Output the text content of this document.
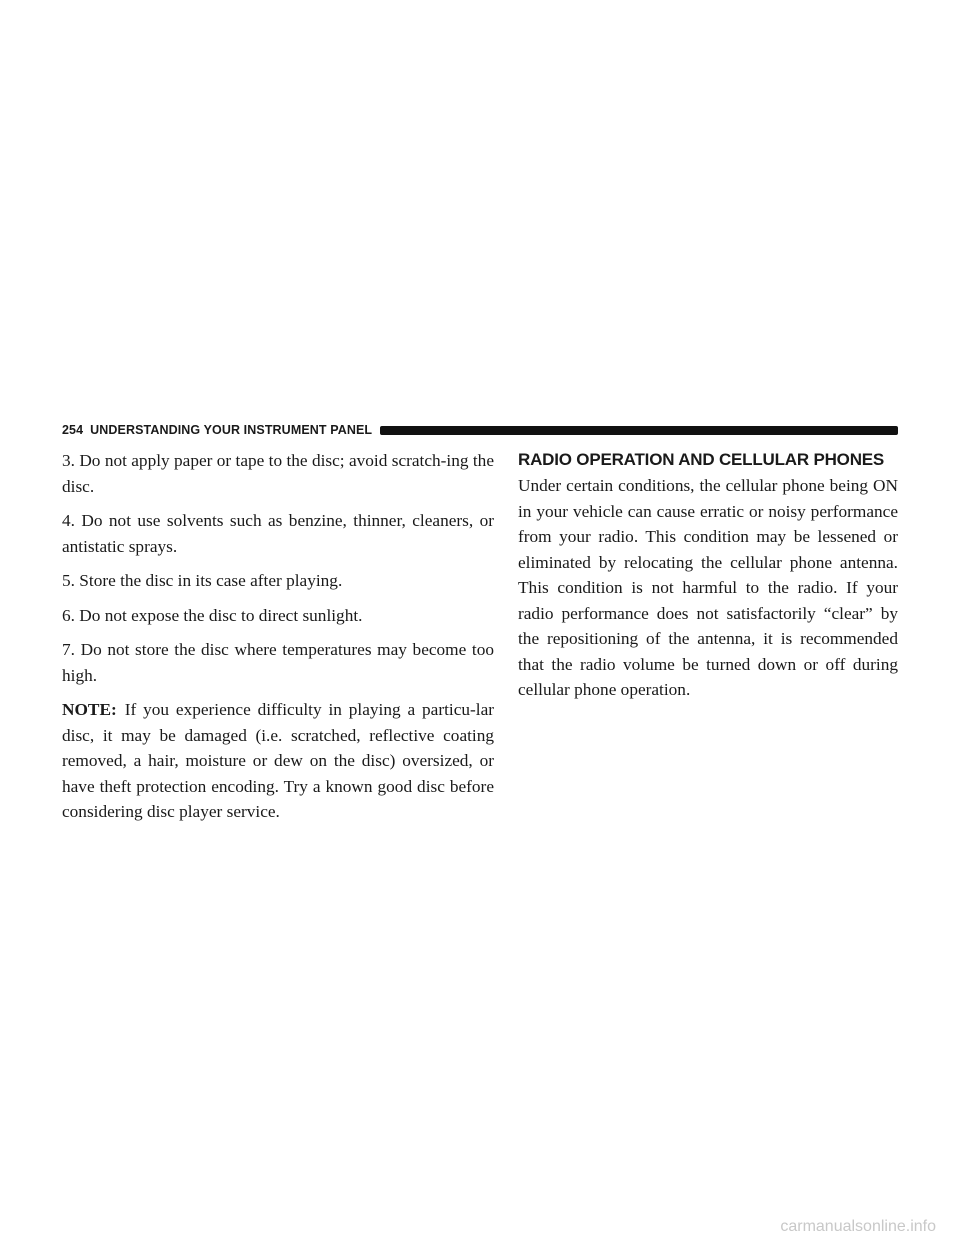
254 UNDERSTANDING YOUR INSTRUMENT PANEL

3. Do not apply paper or tape to the disc; avoid scratch-ing the disc.

4. Do not use solvents such as benzine, thinner, cleaners, or antistatic sprays.

5. Store the disc in its case after playing.

6. Do not expose the disc to direct sunlight.

7. Do not store the disc where temperatures may become too high.

NOTE: If you experience difficulty in playing a particu-lar disc, it may be damaged (i.e. scratched, reflective coating removed, a hair, moisture or dew on the disc) oversized, or have theft protection encoding. Try a known good disc before considering disc player service.

RADIO OPERATION AND CELLULAR PHONES

Under certain conditions, the cellular phone being ON in your vehicle can cause erratic or noisy performance from your radio. This condition may be lessened or eliminated by relocating the cellular phone antenna. This condition is not harmful to the radio. If your radio performance does not satisfactorily “clear” by the repositioning of the antenna, it is recommended that the radio volume be turned down or off during cellular phone operation.

carmanualsonline.info
